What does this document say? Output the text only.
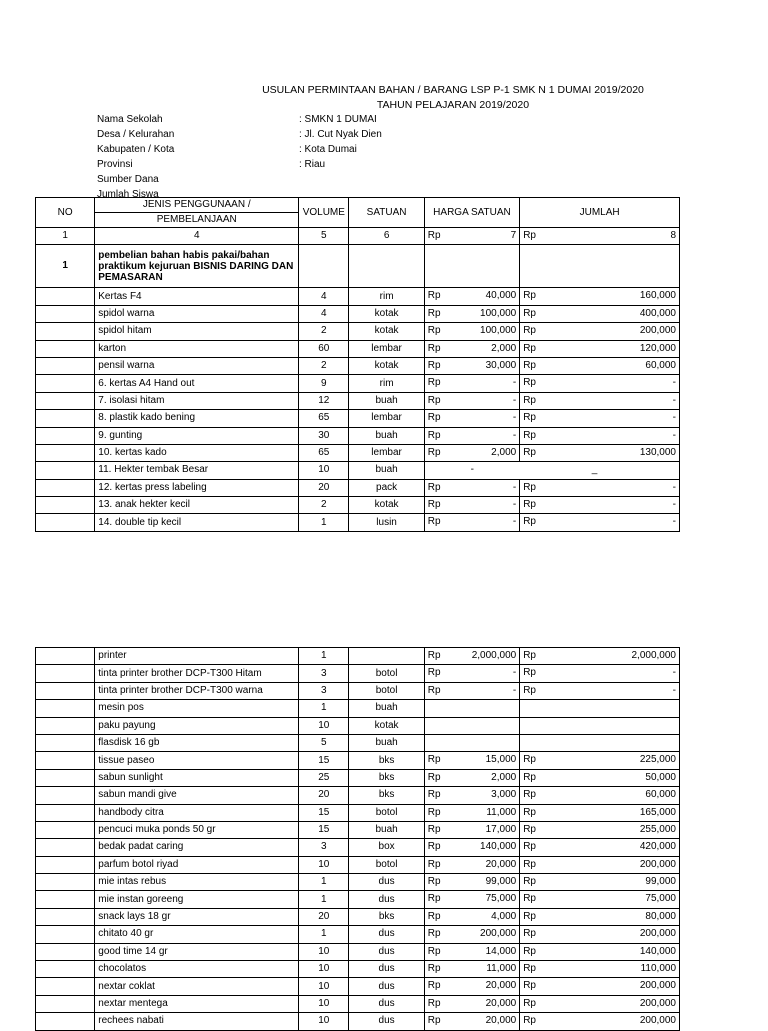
USULAN PERMINTAAN BAHAN / BARANG LSP P-1 SMK N 1 DUMAI 2019/2020
TAHUN PELAJARAN 2019/2020
Nama Sekolah	: SMKN 1 DUMAI
Desa / Kelurahan	: Jl. Cut Nyak Dien
Kabupaten / Kota	: Kota Dumai
Provinsi	: Riau
Sumber Dana
Jumlah Siswa
NO	JENIS PENGGUNAAN /	VOLUME	SATUAN	HARGA SATUAN	JUMLAH
	PEMBELANJAAN				
1	4	5	6	Rp 7	Rp 8

1	pembelian bahan habis pakai/bahan praktikum kejuruan BISNIS DARING DAN PEMASARAN				
	Kertas F4	4	rim	Rp 40,000	Rp 160,000

	spidol warna	4	kotak	Rp 100,000	Rp 400,000

	spidol hitam	2	kotak	Rp 100,000	Rp 200,000

	karton	60	lembar	Rp 2,000	Rp 120,000

	pensil warna	2	kotak	Rp 30,000	Rp 60,000

	6. kertas A4 Hand out	9	rim	Rp -	Rp -

	7. isolasi hitam	12	buah	Rp -	Rp -

	8. plastik kado bening	65	lembar	Rp -	Rp -

	9. gunting	30	buah	Rp -	Rp -

	10. kertas kado	65	lembar	Rp 2,000	Rp 130,000

	11. Hekter tembak Besar	10	buah	-	_
	12. kertas press labeling	20	pack	Rp -	Rp -

	13. anak hekter kecil	2	kotak	Rp -	Rp -

	14. double tip kecil	1	lusin	Rp -	Rp -
	printer	1		Rp 2,000,000	Rp 2,000,000

	tinta printer brother DCP-T300 Hitam	3	botol	Rp -	Rp -

	tinta printer brother DCP-T300 warna	3	botol	Rp -	Rp -

	mesin pos	1	buah	

	paku payung	10	kotak	

	flasdisk 16 gb	5	buah	

	tissue paseo	15	bks	Rp 15,000	Rp 225,000

	sabun sunlight	25	bks	Rp 2,000	Rp 50,000

	sabun mandi give	20	bks	Rp 3,000	Rp 60,000

	handbody citra	15	botol	Rp 11,000	Rp 165,000

	pencuci muka ponds 50 gr	15	buah	Rp 17,000	Rp 255,000

	bedak padat caring	3	box	Rp 140,000	Rp 420,000

	parfum botol riyad	10	botol	Rp 20,000	Rp 200,000

	mie intas rebus	1	dus	Rp 99,000	Rp 99,000

	mie instan goreeng	1	dus	Rp 75,000	Rp 75,000

	snack lays 18 gr	20	bks	Rp 4,000	Rp 80,000

	chitato 40 gr	1	dus	Rp 200,000	Rp 200,000

	good time 14 gr	10	dus	Rp 14,000	Rp 140,000

	chocolatos	10	dus	Rp 11,000	Rp 110,000

	nextar coklat	10	dus	Rp 20,000	Rp 200,000

	nextar mentega	10	dus	Rp 20,000	Rp 200,000

	rechees nabati	10	dus	Rp 20,000	Rp 200,000
